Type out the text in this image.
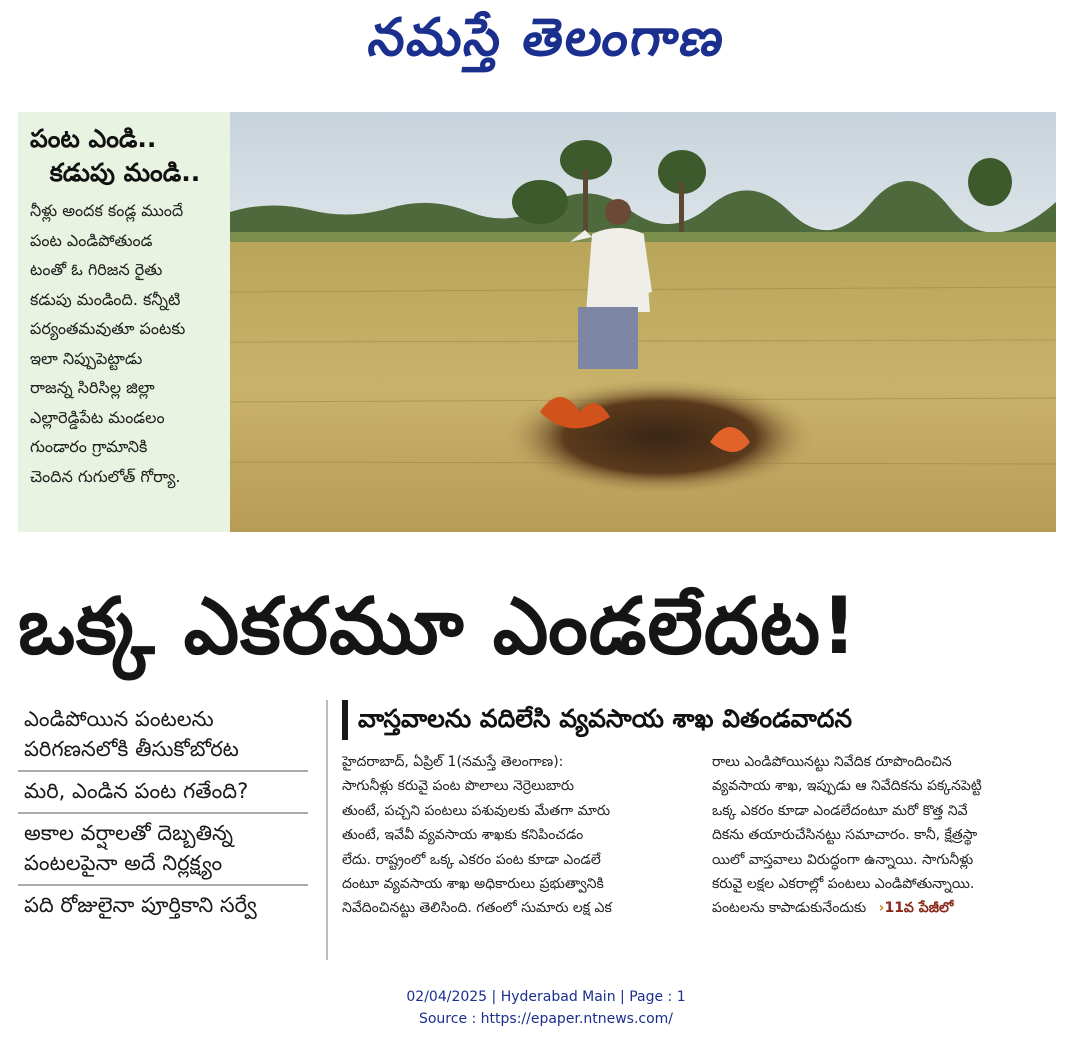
నమస్తే తెలంగాణ
పంట ఎండి..
కడుపు మండి..
నీళ్లు అందక కండ్ల ముందే
పంట ఎండిపోతుండ
టంతో ఓ గిరిజన రైతు
కడుపు మండింది. కన్నీటి
పర్యంతమవుతూ పంటకు
ఇలా నిప్పుపెట్టాడు
రాజన్న సిరిసిల్ల జిల్లా
ఎల్లారెడ్డిపేట మండలం
గుండారం గ్రామానికి
చెందిన గుగులోత్ గోర్యా.
ఒక్క ఎకరమూ ఎండలేదట!
ఎండిపోయిన పంటలను
పరిగణనలోకి తీసుకోబోరట
మరి, ఎండిన పంట గతేంది?
అకాల వర్షాలతో దెబ్బతిన్న
పంటలపైనా అదే నిర్లక్ష్యం
పది రోజులైనా పూర్తికాని సర్వే
వాస్తవాలను వదిలేసి వ్యవసాయ శాఖ వితండవాదన
హైదరాబాద్, ఏప్రిల్ 1(నమస్తే తెలంగాణ):
సాగునీళ్లు కరువై పంట పొలాలు నెర్రెలుబారు
తుంటే, పచ్చని పంటలు పశువులకు మేతగా మారు
తుంటే, ఇవేవీ వ్యవసాయ శాఖకు కనిపించడం
లేదు. రాష్ట్రంలో ఒక్క ఎకరం పంట కూడా ఎండలే
దంటూ వ్యవసాయ శాఖ అధికారులు ప్రభుత్వానికి
నివేదించినట్టు తెలిసింది. గతంలో సుమారు లక్ష ఎక
రాలు ఎండిపోయినట్టు నివేదిక రూపొందించిన
వ్యవసాయ శాఖ, ఇప్పుడు ఆ నివేదికను పక్కనపెట్టి
ఒక్క ఎకరం కూడా ఎండలేదంటూ మరో కొత్త నివే
దికను తయారుచేసినట్టు సమాచారం. కానీ, క్షేత్రస్థా
యిలో వాస్తవాలు విరుద్ధంగా ఉన్నాయి. సాగునీళ్లు
కరువై లక్షల ఎకరాల్లో పంటలు ఎండిపోతున్నాయి.
పంటలను కాపాడుకునేందుకు ›11వ పేజీలో
02/04/2025 | Hyderabad Main | Page : 1
Source : https://epaper.ntnews.com/
